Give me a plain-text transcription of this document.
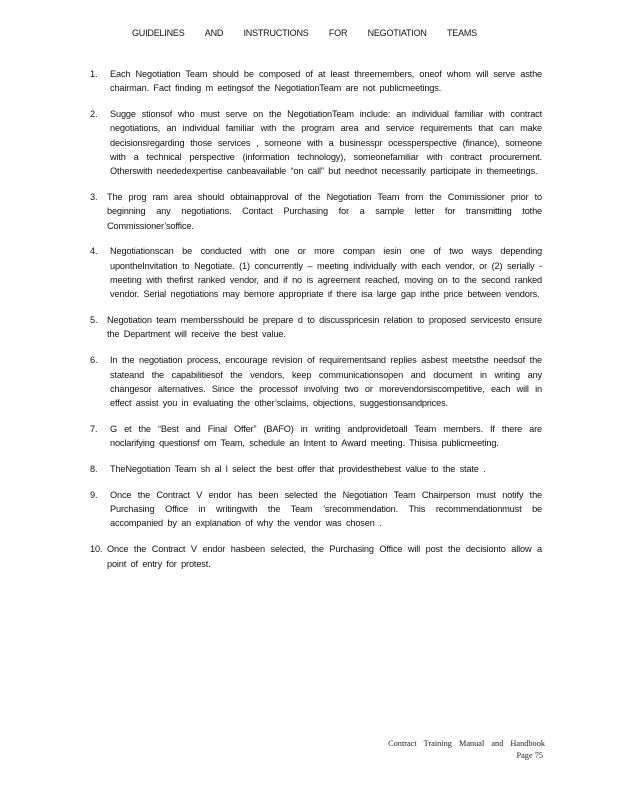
GUIDELINES AND INSTRUCTIONS FOR NEGOTIATION TEAMS
1.	Each Negotiation Team should be composed of at least threemembers, oneof whom will serve asthe chairman. Fact finding m eetingsof the NegotiationTeam are not publicmeetings.
2.	Sugge stionsof who must serve on the NegotiationTeam include: an individual familiar with contract negotiations, an individual familiar with the program area and service requirements that can make decisionsregarding those services , someone with a businesspr ocessperspective (finance), someone with a technical perspective (information technology), someonefamiliar with contract procurement. Otherswith neededexpertise canbeavailable “on call” but neednot necessarily participate in themeetings.
3.	The prog ram area should obtainapproval of the Negotiation Team from the Commissioner prior to beginning any negotiations. Contact Purchasing for a sample letter for transmitting tothe Commissioner’soffice.
4.	Negotiationscan be conducted with one or more compan iesin one of two ways depending upontheInvitation to Negotiate. (1) concurrently – meeting individually with each vendor, or (2) serially - meeting with thefirst ranked vendor, and if no is agreement reached, moving on to the second ranked vendor. Serial negotiations may bemore appropriate if there isa large gap inthe price between vendors.
5.	Negotiation team membersshould be prepare d to discusspricesin relation to proposed servicesto ensure the Department will receive the best value.
6.	In the negotiation process, encourage revision of requirementsand replies asbest meetsthe needsof the stateand the capabilitiesof the vendors, keep communicationsopen and document in writing any changesor alternatives. Since the processof involving two or morevendorsiscompetitive, each will in effect assist you in evaluating the other’sclaims, objections, suggestionsandprices.
7.	G et the “Best and Final Offer” (BAFO) in writing andprovidetoall Team members. If there are noclarifying questionsf om Team, schedule an Intent to Award meeting. Thisisa publicmeeting.
8.	TheNegotiation Team sh al l select the best offer that providesthebest value to the state .
9.	Once the Contract V endor has been selected the Negotiation Team Chairperson must notify the Purchasing Office in writingwith the Team ’srecommendation. This recommendationmust be accompanied by an explanation of why the vendor was chosen .
10. Once the Contract V endor hasbeen selected, the Purchasing Office will post the decisionto allow a point of entry for protest.
Contract Training Manual and Handbook
Page 75
